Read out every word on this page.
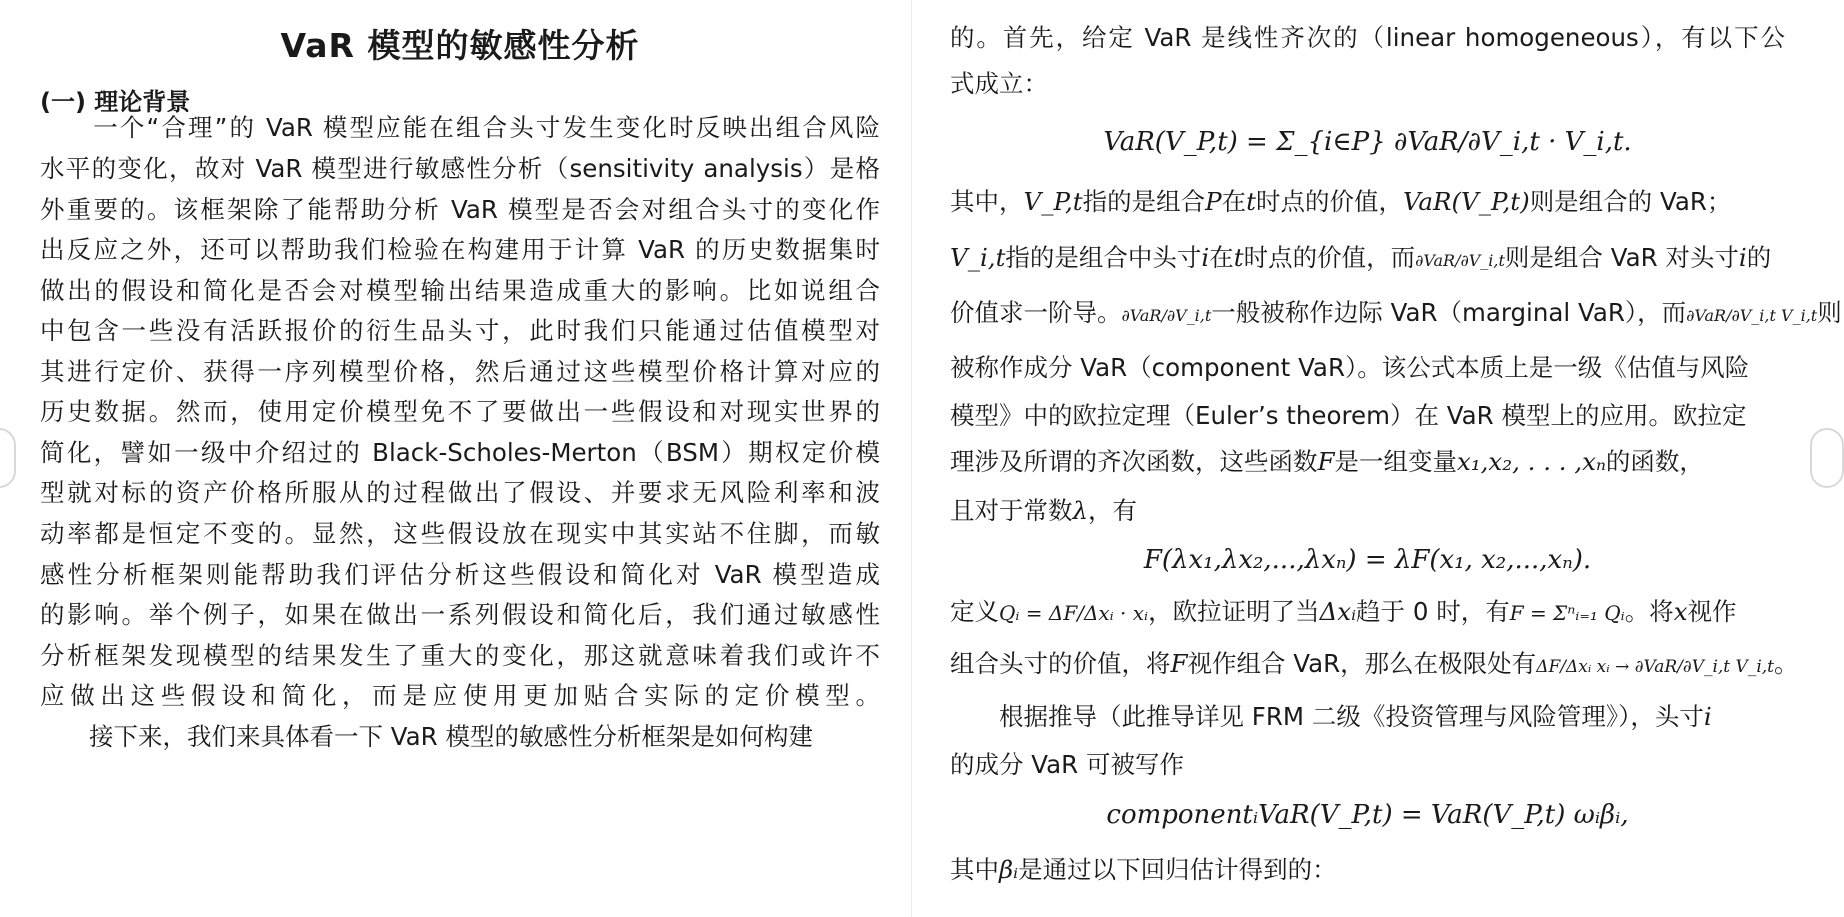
VaR 模型的敏感性分析
(一) 理论背景
　　一个“合理”的 VaR 模型应能在组合头寸发生变化时反映出组合风险
水平的变化，故对 VaR 模型进行敏感性分析（sensitivity analysis）是格
外重要的。该框架除了能帮助分析 VaR 模型是否会对组合头寸的变化作
出反应之外，还可以帮助我们检验在构建用于计算 VaR 的历史数据集时
做出的假设和简化是否会对模型输出结果造成重大的影响。比如说组合
中包含一些没有活跃报价的衍生品头寸，此时我们只能通过估值模型对
其进行定价、获得一序列模型价格，然后通过这些模型价格计算对应的
历史数据。然而，使用定价模型免不了要做出一些假设和对现实世界的
简化，譬如一级中介绍过的 Black-Scholes-Merton（BSM）期权定价模
型就对标的资产价格所服从的过程做出了假设、并要求无风险利率和波
动率都是恒定不变的。显然，这些假设放在现实中其实站不住脚，而敏
感性分析框架则能帮助我们评估分析这些假设和简化对 VaR 模型造成
的影响。举个例子，如果在做出一系列假设和简化后，我们通过敏感性
分析框架发现模型的结果发生了重大的变化，那这就意味着我们或许不
应做出这些假设和简化，而是应使用更加贴合实际的定价模型。
　　接下来，我们来具体看一下 VaR 模型的敏感性分析框架是如何构建
的。首先，给定 VaR 是线性齐次的（linear homogeneous），有以下公
式成立：
其中，V_P,t指的是组合P在t时点的价值，VaR(V_P,t)则是组合的 VaR；
V_i,t指的是组合中头寸i在t时点的价值，而∂VaR/∂V_i,t则是组合 VaR 对头寸i的
价值求一阶导。∂VaR/∂V_i,t一般被称作边际 VaR（marginal VaR），而∂VaR/∂V_i,t V_i,t则
被称作成分 VaR（component VaR）。该公式本质上是一级《估值与风险
模型》中的欧拉定理（Euler’s theorem）在 VaR 模型上的应用。欧拉定
理涉及所谓的齐次函数，这些函数F是一组变量x₁,x₂, . . . ,xₙ的函数，
且对于常数λ，有
定义Qᵢ = ΔF/Δxᵢ · xᵢ，欧拉证明了当Δxᵢ趋于 0 时，有F = Σⁿᵢ₌₁ Qᵢ。将x视作
组合头寸的价值，将F视作组合 VaR，那么在极限处有ΔF/Δxᵢ xᵢ → ∂VaR/∂V_i,t V_i,t。
　　根据推导（此推导详见 FRM 二级《投资管理与风险管理》），头寸i
的成分 VaR 可被写作
其中βᵢ是通过以下回归估计得到的：
VaR(V_P,t) = Σ_{i∈P} ∂VaR/∂V_i,t · V_i,t.
F(λx₁,λx₂,...,λxₙ) = λF(x₁, x₂,...,xₙ).
componentᵢVaR(V_P,t) = VaR(V_P,t) ωᵢβᵢ,
